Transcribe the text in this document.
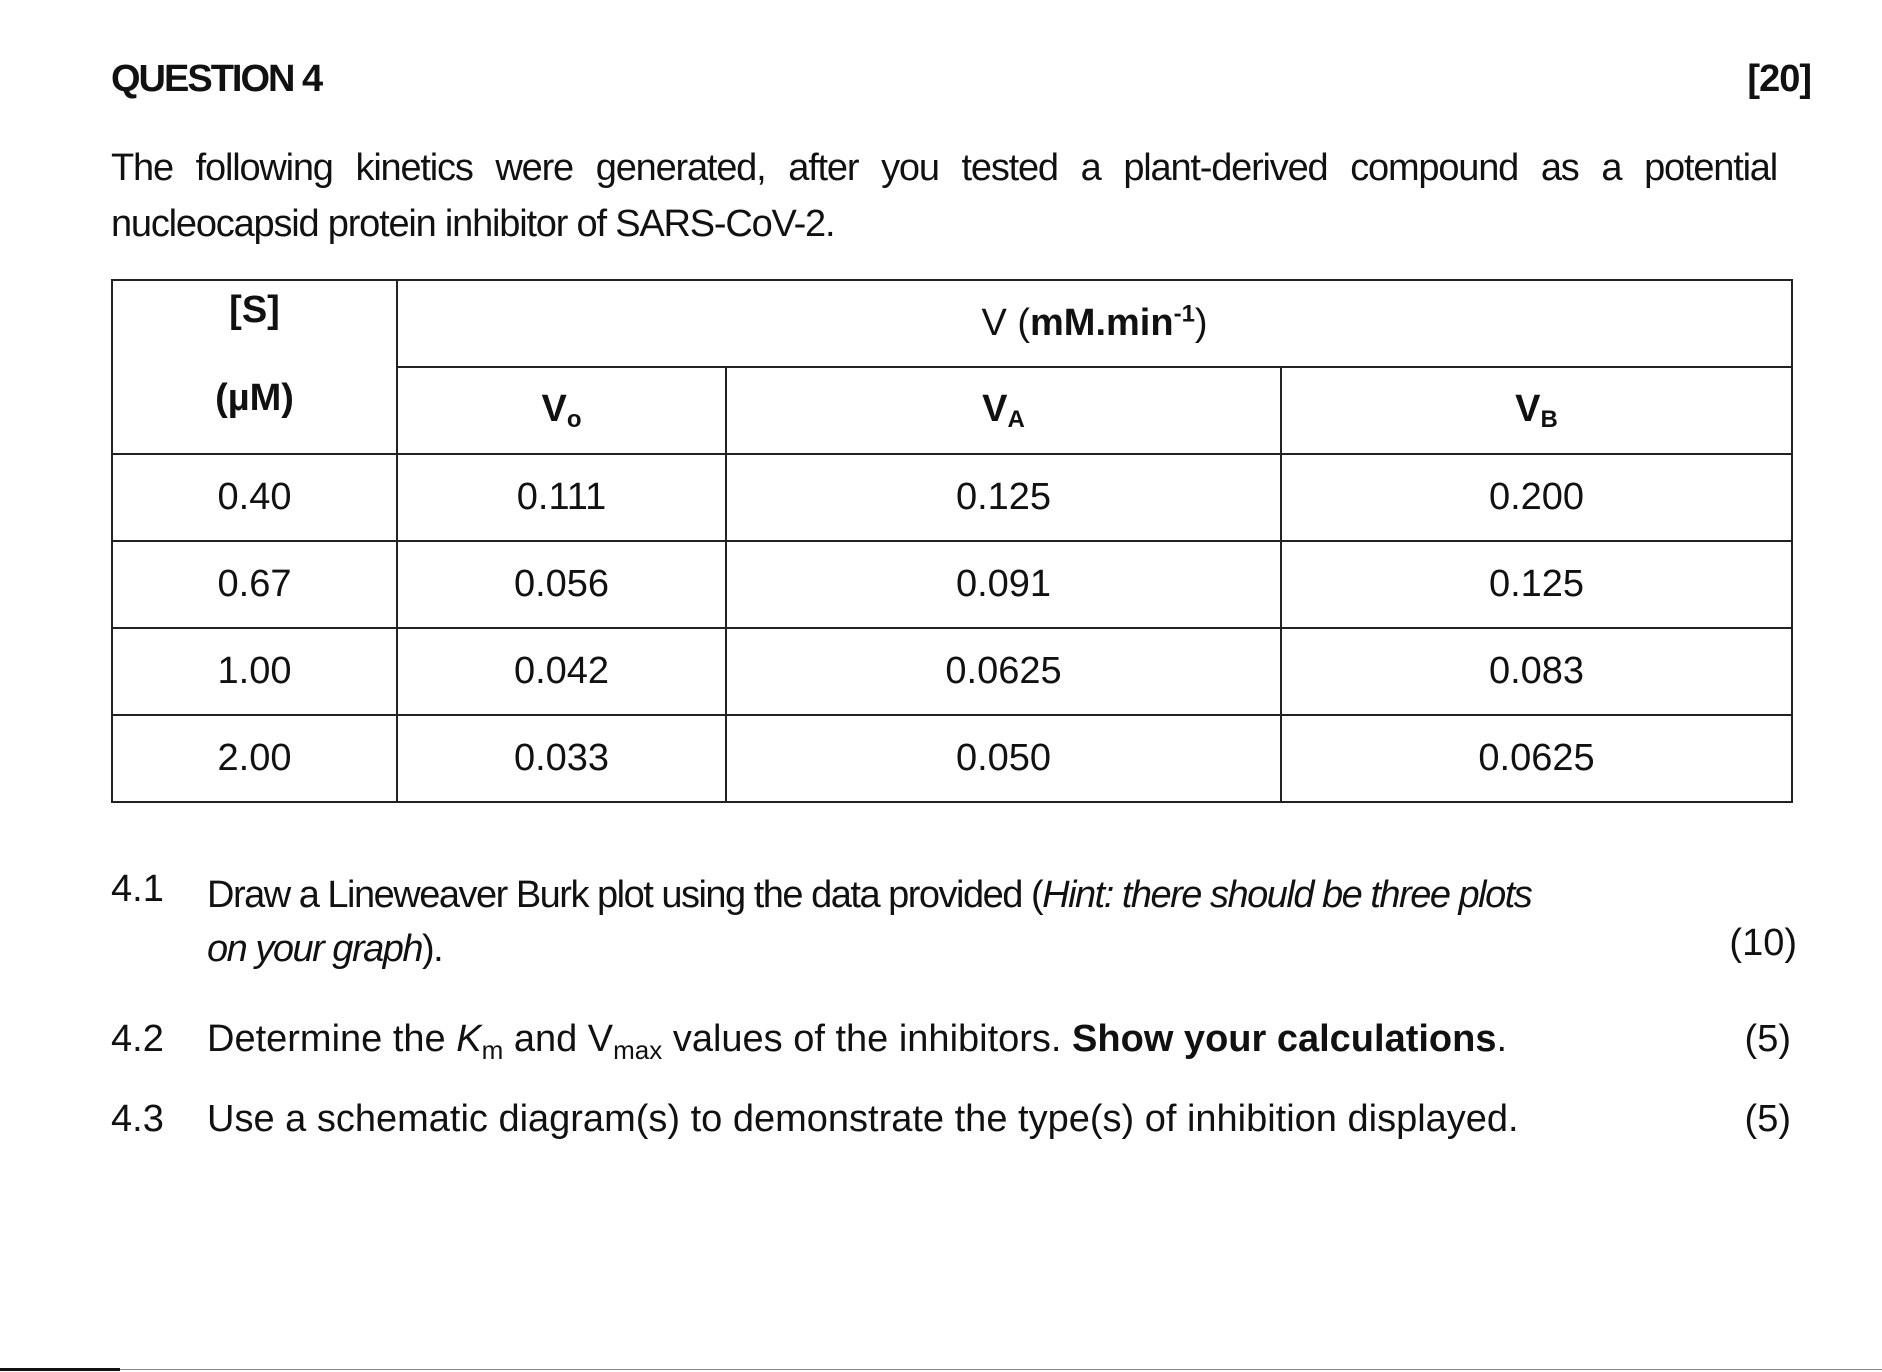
QUESTION 4	[20]
The following kinetics were generated, after you tested a plant-derived compound as a potential
nucleocapsid protein inhibitor of SARS-CoV-2.
[S]
(µM)	V $(mM.\min^{-1})$		
	Vo	VA	VB
0.40	0.111	0.125	0.200
0.67	0.056	0.091	0.125
1.00	0.042	0.0625	0.083
2.00	0.033	0.050	0.0625
4.1 Draw a Lineweaver Burk plot using the data provided (Hint: there should be three plots
on your graph).	(10)
4.2 Determine the $K_m$ and $V_{max}$ values of the inhibitors. Show your calculations.	(5)
4.3 Use a schematic diagram(s) to demonstrate the type(s) of inhibition displayed.	(5)
